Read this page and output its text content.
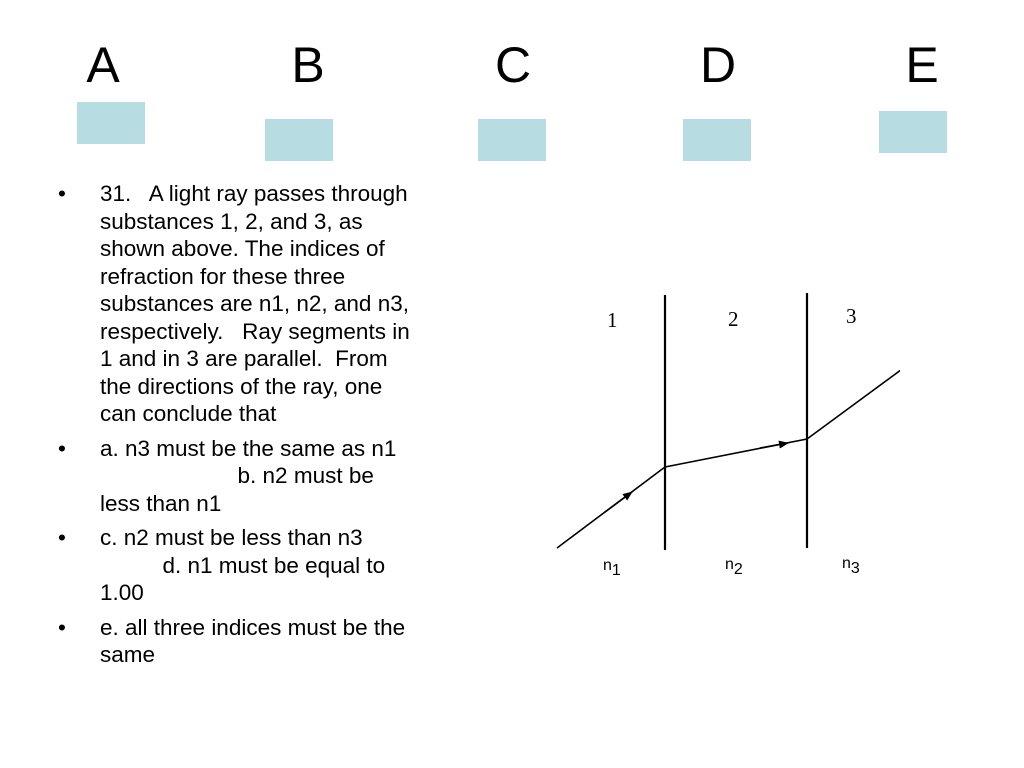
A	B	C	D	E
• 31.   A light ray passes through
substances 1, 2, and 3, as
shown above. The indices of
refraction for these three
substances are n1, n2, and n3,
respectively.   Ray segments in
1 and in 3 are parallel.  From
the directions of the ray, one
can conclude that
• a. n3 must be the same as n1
b. n2 must be
less than n1
• c. n2 must be less than n3
d. n1 must be equal to
1.00
• e. all three indices must be the
same
1	2	3
n1	n2	n3
